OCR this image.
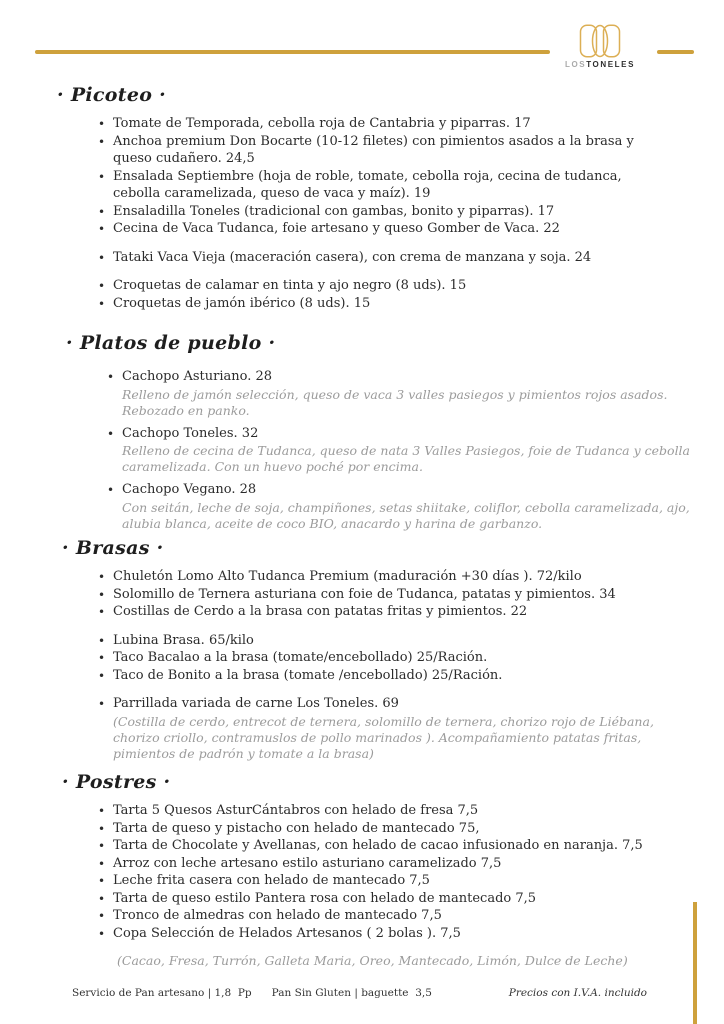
LOSTONELES
· Picoteo ·
• Tomate de Temporada, cebolla roja de Cantabria y piparras. 17
• Anchoa premium Don Bocarte (10-12 filetes) con pimientos asados a la brasa y queso cudañero. 24,5
• Ensalada Septiembre (hoja de roble, tomate, cebolla roja, cecina de tudanca, cebolla caramelizada, queso de vaca y maíz). 19
• Ensaladilla Toneles (tradicional con gambas, bonito y piparras). 17
• Cecina de Vaca Tudanca, foie artesano y queso Gomber de Vaca. 22
• Tataki Vaca Vieja (maceración casera), con crema de manzana y soja. 24
• Croquetas de calamar en tinta y ajo negro (8 uds). 15
• Croquetas de jamón ibérico (8 uds). 15
· Platos de pueblo ·
• Cachopo Asturiano. 28
Relleno de jamón selección, queso de vaca 3 valles pasiegos y pimientos rojos asados. Rebozado en panko.
• Cachopo Toneles. 32
Relleno de cecina de Tudanca, queso de nata 3 Valles Pasiegos, foie de Tudanca y cebolla caramelizada. Con un huevo poché por encima.
• Cachopo Vegano. 28
Con seitán, leche de soja, champiñones, setas shiitake, coliflor, cebolla caramelizada, ajo, alubia blanca, aceite de coco BIO, anacardo y harina de garbanzo.
· Brasas ·
• Chuletón Lomo Alto Tudanca Premium (maduración +30 días ). 72/kilo
• Solomillo de Ternera asturiana con foie de Tudanca, patatas y pimientos. 34
• Costillas de Cerdo a la brasa con patatas fritas y pimientos. 22
• Lubina Brasa. 65/kilo
• Taco Bacalao a la brasa (tomate/encebollado) 25/Ración.
• Taco de Bonito a la brasa (tomate /encebollado) 25/Ración.
• Parrillada variada de carne Los Toneles. 69
(Costilla de cerdo, entrecot de ternera, solomillo de ternera, chorizo rojo de Liébana, chorizo criollo, contramuslos de pollo marinados ). Acompañamiento patatas fritas, pimientos de padrón y tomate a la brasa)
· Postres ·
• Tarta 5 Quesos AsturCántabros con helado de fresa 7,5
• Tarta de queso y pistacho con helado de mantecado 75,
• Tarta de Chocolate y Avellanas, con helado de cacao infusionado en naranja. 7,5
• Arroz con leche artesano estilo asturiano caramelizado 7,5
• Leche frita casera con helado de mantecado 7,5
• Tarta de queso estilo Pantera rosa con helado de mantecado 7,5
• Tronco de almedras con helado de mantecado 7,5
• Copa Selección de Helados Artesanos ( 2 bolas ). 7,5
(Cacao, Fresa, Turrón, Galleta Maria, Oreo, Mantecado, Limón, Dulce de Leche)
Servicio de Pan artesano | 1,8  Pp Pan Sin Gluten | baguette  3,5	Precios con I.V.A. incluido
